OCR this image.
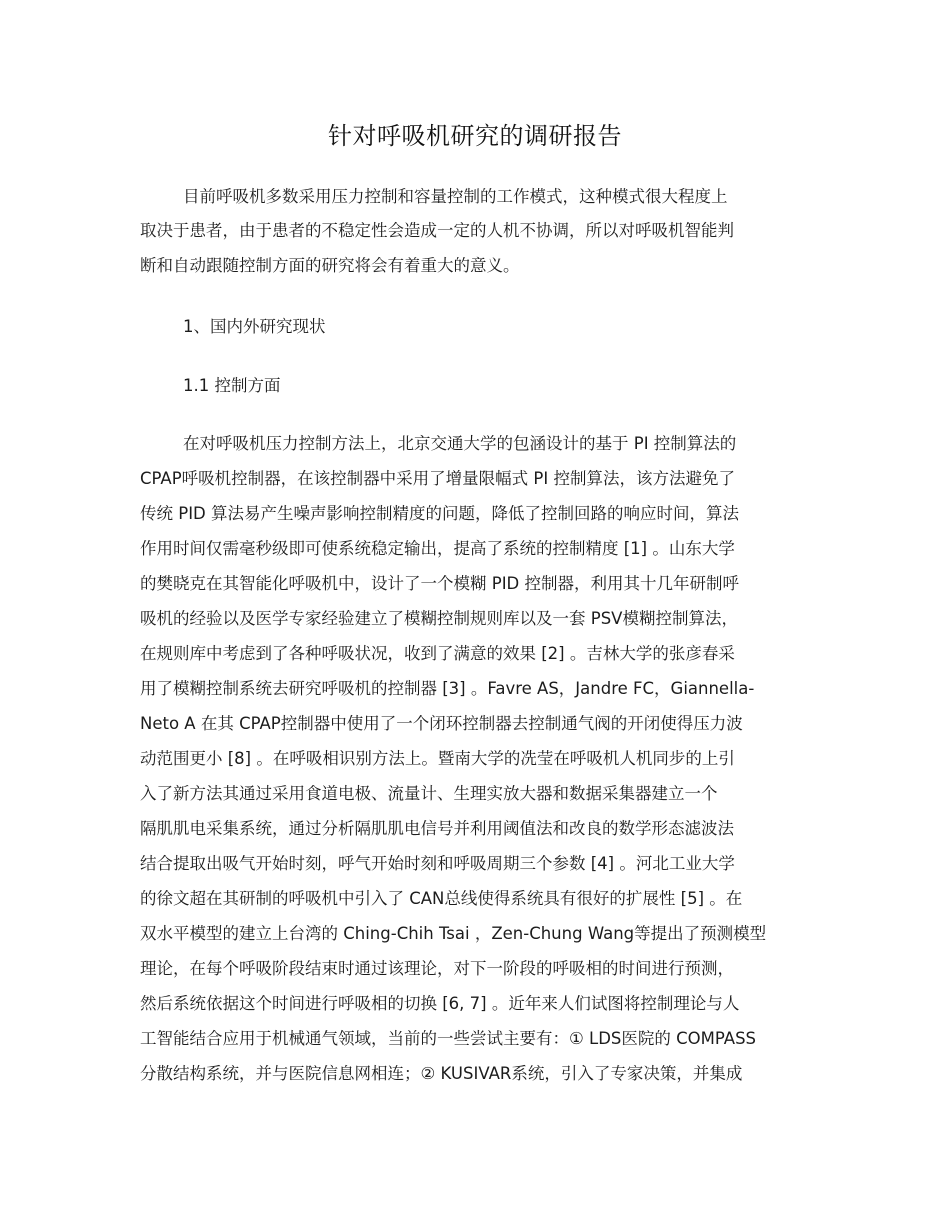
针对呼吸机研究的调研报告
目前呼吸机多数采用压力控制和容量控制的工作模式，这种模式很大程度上
取决于患者，由于患者的不稳定性会造成一定的人机不协调，所以对呼吸机智能判
断和自动跟随控制方面的研究将会有着重大的意义。
1、国内外研究现状
1.1 控制方面
在对呼吸机压力控制方法上，北京交通大学的包涵设计的基于 PI 控制算法的
CPAP呼吸机控制器，在该控制器中采用了增量限幅式 PI 控制算法，该方法避免了
传统 PID 算法易产生噪声影响控制精度的问题，降低了控制回路的响应时间，算法
作用时间仅需毫秒级即可使系统稳定输出，提高了系统的控制精度 [1] 。山东大学
的樊晓克在其智能化呼吸机中，设计了一个模糊 PID 控制器，利用其十几年研制呼
吸机的经验以及医学专家经验建立了模糊控制规则库以及一套 PSV模糊控制算法，
在规则库中考虑到了各种呼吸状况，收到了满意的效果 [2] 。吉林大学的张彦春采
用了模糊控制系统去研究呼吸机的控制器 [3] 。Favre AS，Jandre FC，Giannella-
Neto A 在其 CPAP控制器中使用了一个闭环控制器去控制通气阀的开闭使得压力波
动范围更小 [8] 。在呼吸相识别方法上。暨南大学的冼莹在呼吸机人机同步的上引
入了新方法其通过采用食道电极、流量计、生理实放大器和数据采集器建立一个
隔肌肌电采集系统，通过分析隔肌肌电信号并利用阈值法和改良的数学形态滤波法
结合提取出吸气开始时刻，呼气开始时刻和呼吸周期三个参数 [4] 。河北工业大学
的徐文超在其研制的呼吸机中引入了 CAN总线使得系统具有很好的扩展性 [5] 。在
双水平模型的建立上台湾的 Ching-Chih Tsai ，Zen-Chung Wang等提出了预测模型
理论，在每个呼吸阶段结束时通过该理论，对下一阶段的呼吸相的时间进行预测，
然后系统依据这个时间进行呼吸相的切换 [6, 7] 。近年来人们试图将控制理论与人
工智能结合应用于机械通气领域，当前的一些尝试主要有：① LDS医院的 COMPASS
分散结构系统，并与医院信息网相连；② KUSIVAR系统，引入了专家决策，并集成
